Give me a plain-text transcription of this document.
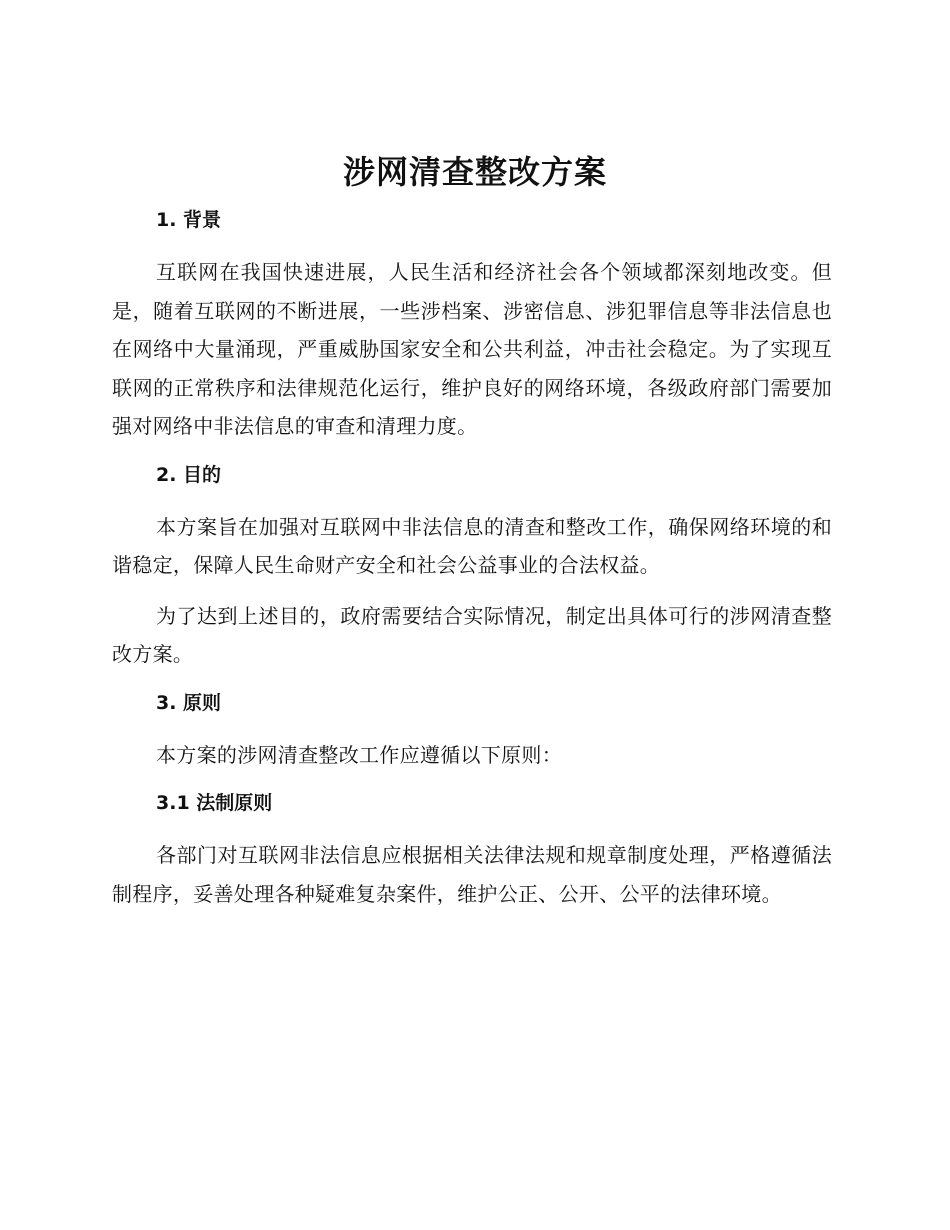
涉网清查整改方案

1. 背景

互联网在我国快速进展，人民生活和经济社会各个领域都深刻地改变。但是，随着互联网的不断进展，一些涉档案、涉密信息、涉犯罪信息等非法信息也在网络中大量涌现，严重威胁国家安全和公共利益，冲击社会稳定。为了实现互联网的正常秩序和法律规范化运行，维护良好的网络环境，各级政府部门需要加强对网络中非法信息的审查和清理力度。

2. 目的

本方案旨在加强对互联网中非法信息的清查和整改工作，确保网络环境的和谐稳定，保障人民生命财产安全和社会公益事业的合法权益。

为了达到上述目的，政府需要结合实际情况，制定出具体可行的涉网清查整改方案。

3. 原则

本方案的涉网清查整改工作应遵循以下原则：

3.1 法制原则

各部门对互联网非法信息应根据相关法律法规和规章制度处理，严格遵循法制程序，妥善处理各种疑难复杂案件，维护公正、公开、公平的法律环境。
